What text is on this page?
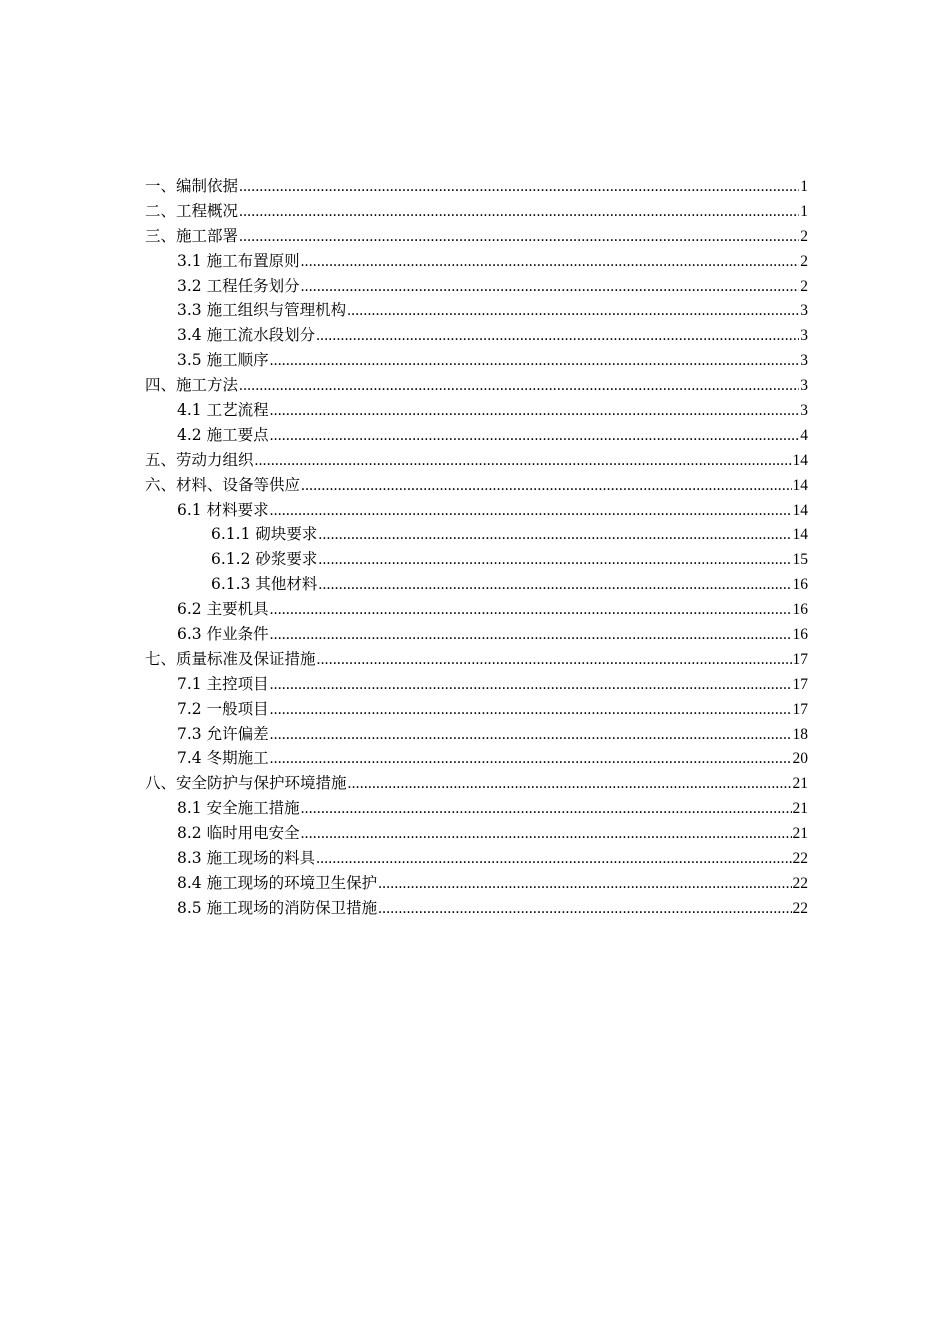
一、编制依据 .....	1
二、工程概况 .....	1
三、施工部署 .....	2
3.1 施工布置原则 .....	2
3.2 工程任务划分 .....	2
3.3 施工组织与管理机构 .....	3
3.4 施工流水段划分 .....	3
3.5 施工顺序 .....	3
四、施工方法 .....	3
4.1 工艺流程 .....	3
4.2 施工要点 .....	4
五、劳动力组织 .....	14
六、材料、设备等供应 .....	14
6.1 材料要求 .....	14
6.1.1 砌块要求 .....	14
6.1.2 砂浆要求 .....	15
6.1.3 其他材料 .....	16
6.2 主要机具 .....	16
6.3 作业条件 .....	16
七、质量标准及保证措施 .....	17
7.1 主控项目 .....	17
7.2 一般项目 .....	17
7.3 允许偏差 .....	18
7.4 冬期施工 .....	20
八、安全防护与保护环境措施 .....	21
8.1 安全施工措施 .....	21
8.2 临时用电安全 .....	21
8.3 施工现场的料具 .....	22
8.4 施工现场的环境卫生保护 .....	22
8.5 施工现场的消防保卫措施 .....	22
